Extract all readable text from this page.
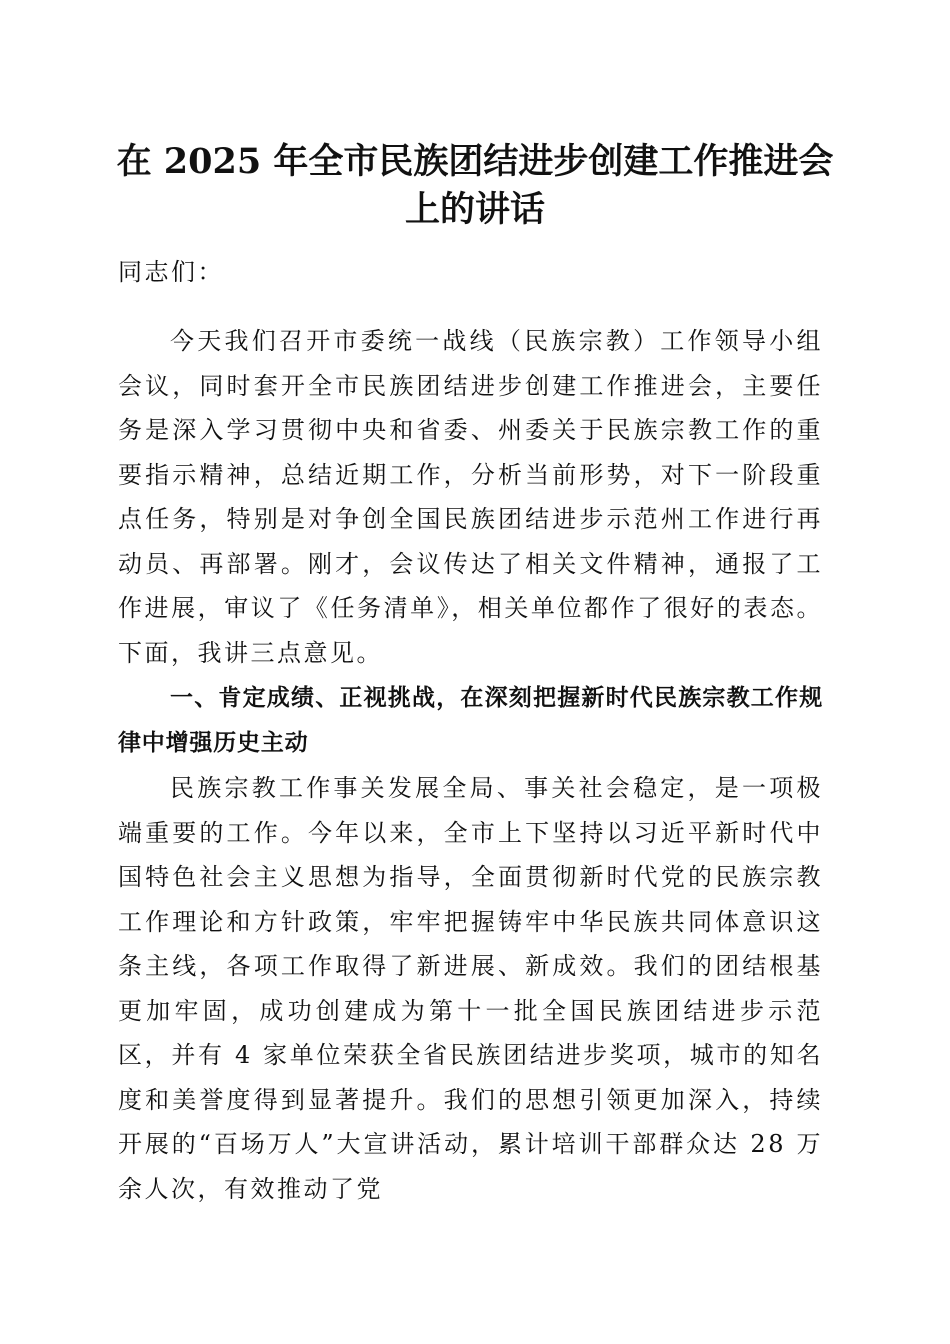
在 2025 年全市民族团结进步创建工作推进会
上的讲话

同志们：

今天我们召开市委统一战线（民族宗教）工作领导小组会议，同时套开全市民族团结进步创建工作推进会，主要任务是深入学习贯彻中央和省委、州委关于民族宗教工作的重要指示精神，总结近期工作，分析当前形势，对下一阶段重点任务，特别是对争创全国民族团结进步示范州工作进行再动员、再部署。刚才，会议传达了相关文件精神，通报了工作进展，审议了《任务清单》，相关单位都作了很好的表态。下面，我讲三点意见。

一、肯定成绩、正视挑战，在深刻把握新时代民族宗教工作规律中增强历史主动

民族宗教工作事关发展全局、事关社会稳定，是一项极端重要的工作。今年以来，全市上下坚持以习近平新时代中国特色社会主义思想为指导，全面贯彻新时代党的民族宗教工作理论和方针政策，牢牢把握铸牢中华民族共同体意识这条主线，各项工作取得了新进展、新成效。我们的团结根基更加牢固，成功创建成为第十一批全国民族团结进步示范区，并有 4 家单位荣获全省民族团结进步奖项，城市的知名度和美誉度得到显著提升。我们的思想引领更加深入，持续开展的“百场万人”大宣讲活动，累计培训干部群众达 28 万余人次，有效推动了党
